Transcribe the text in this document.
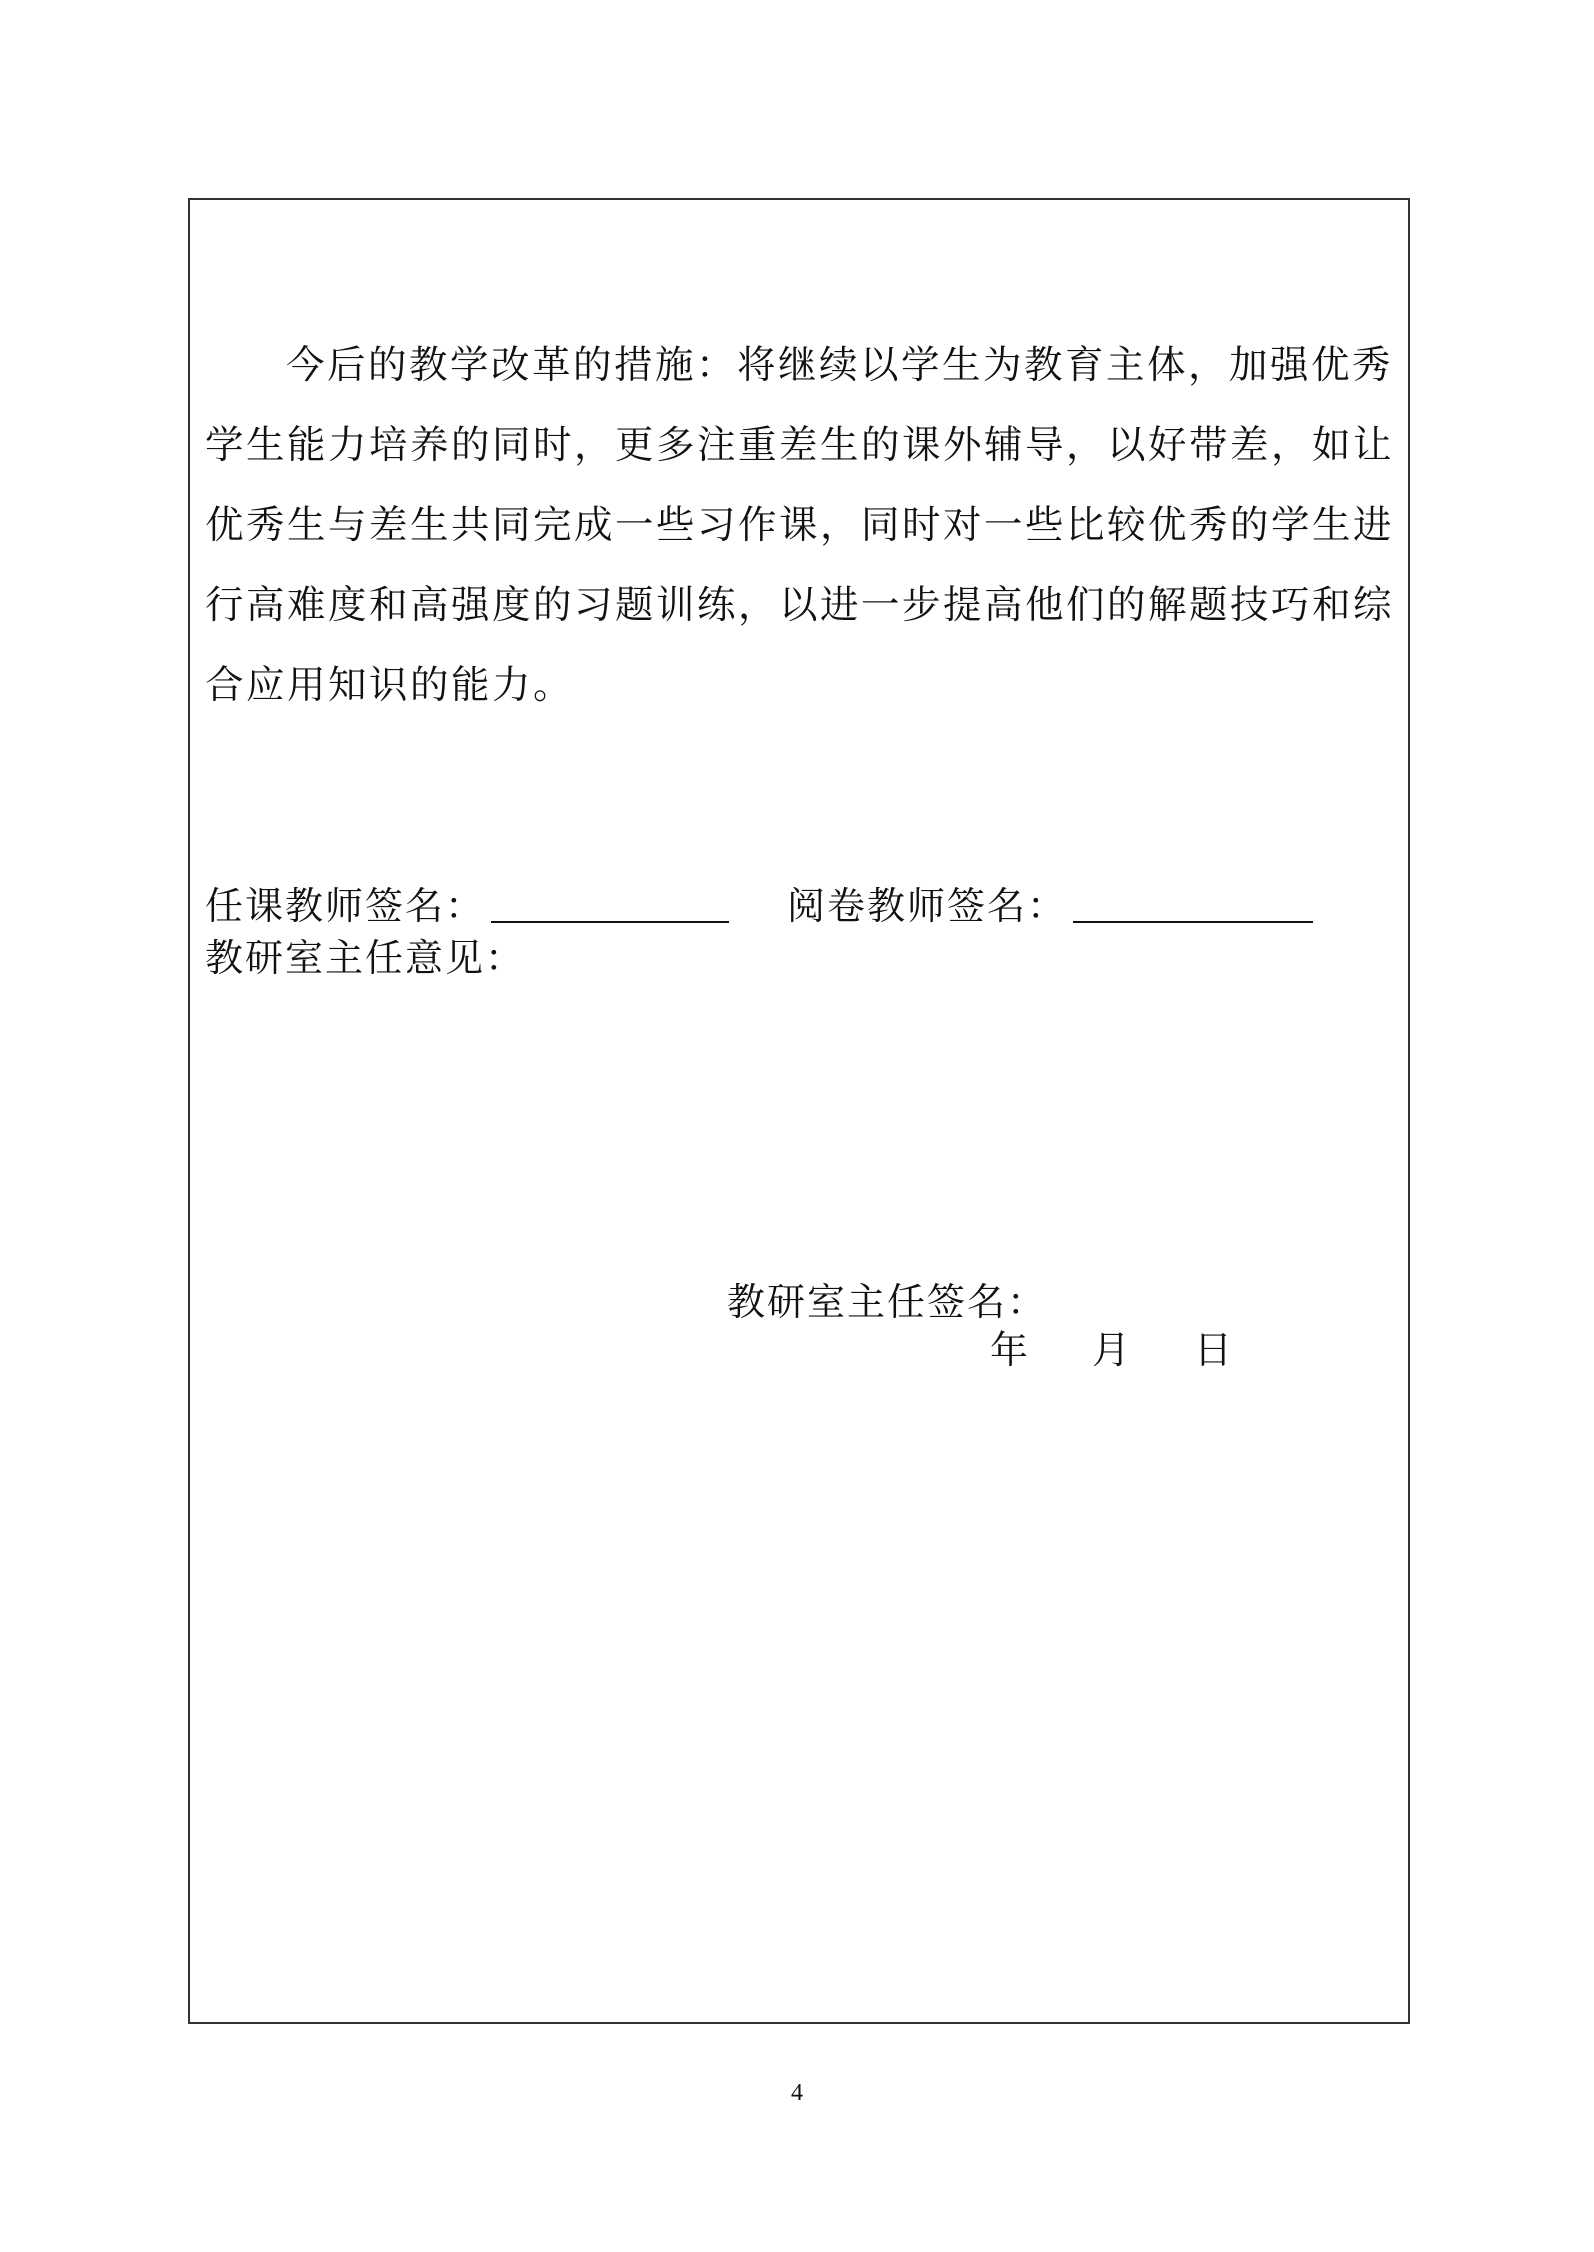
今后的教学改革的措施：将继续以学生为教育主体，加强优秀学生能力培养的同时，更多注重差生的课外辅导，以好带差，如让优秀生与差生共同完成一些习作课，同时对一些比较优秀的学生进行高难度和高强度的习题训练，以进一步提高他们的解题技巧和综合应用知识的能力。

任课教师签名：	阅卷教师签名：
教研室主任意见：
教研室主任签名：
年 月 日
4
